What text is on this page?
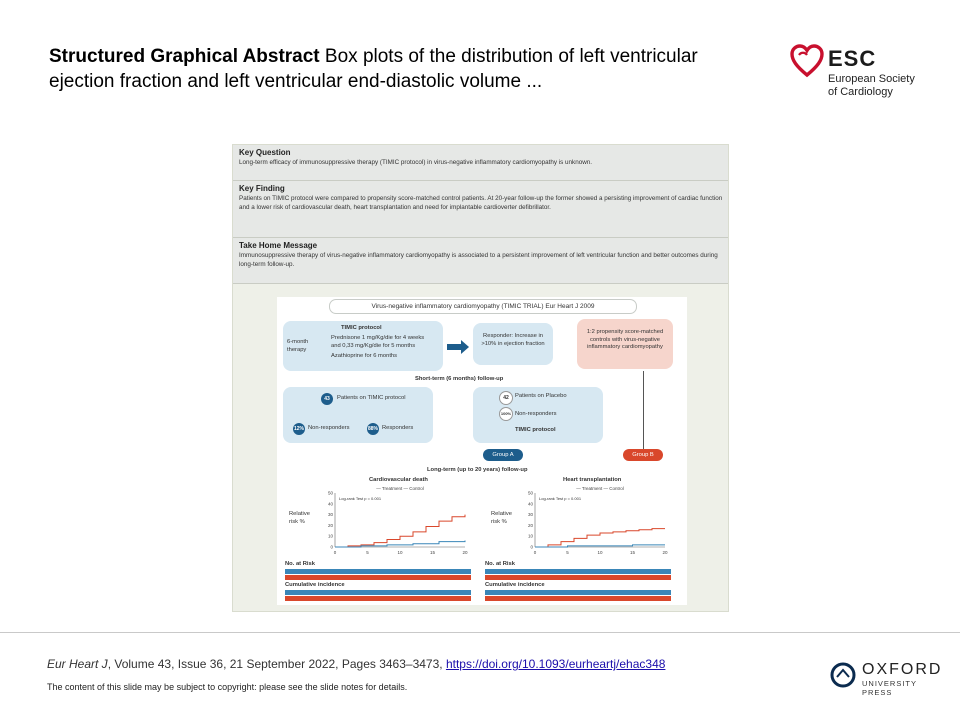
Structured Graphical Abstract Box plots of the distribution of left ventricular ejection fraction and left ventricular end-diastolic volume ...
ESC
European Society
of Cardiology
Key Question
Long-term efficacy of immunosuppressive therapy (TIMIC protocol) in virus-negative inflammatory cardiomyopathy is unknown.
Key Finding
Patients on TIMIC protocol were compared to propensity score-matched control patients. At 20-year follow-up the former showed a persisting improvement of cardiac function and a lower risk of cardiovascular death, heart transplantation and need for implantable cardioverter defibrillator.
Take Home Message
Immunosuppressive therapy of virus-negative inflammatory cardiomyopathy is associated to a persistent improvement of left ventricular function and better outcomes during long-term follow-up.
Virus-negative inflammatory cardiomyopathy (TIMIC TRIAL) Eur Heart J 2009
6-month therapy
TIMIC protocol
Prednisone 1 mg/Kg/die for 4 weeks
and 0,33 mg/Kg/die for 5 months
Azathioprine for 6 months
Responder: Increase in >10% in ejection fraction
1:2 propensity score-matched controls with virus-negative inflammatory cardiomyopathy
Short-term (6 months) follow-up
43	Patients on TIMIC protocol
12% Non-responders	88% Responders
42	Patients on Placebo
100% Non-responders
TIMIC protocol
Group A	Group B
Long-term (up to 20 years) follow-up
Cardiovascular death
Relative risk %
0	5	10	15	20
0
10
20
30
40
50
— Treatment — Control
Log-rank Test p = 0.001
Heart transplantation
Relative risk %
0	5	10	15	20
0
10
20
30
40
50
— Treatment — Control
Log-rank Test p = 0.001
No. at Risk
Cumulative incidence
No. at Risk
Cumulative incidence
Eur Heart J, Volume 43, Issue 36, 21 September 2022, Pages 3463–3473, https://doi.org/10.1093/eurheartj/ehac348
The content of this slide may be subject to copyright: please see the slide notes for details.
OXFORD
UNIVERSITY PRESS
